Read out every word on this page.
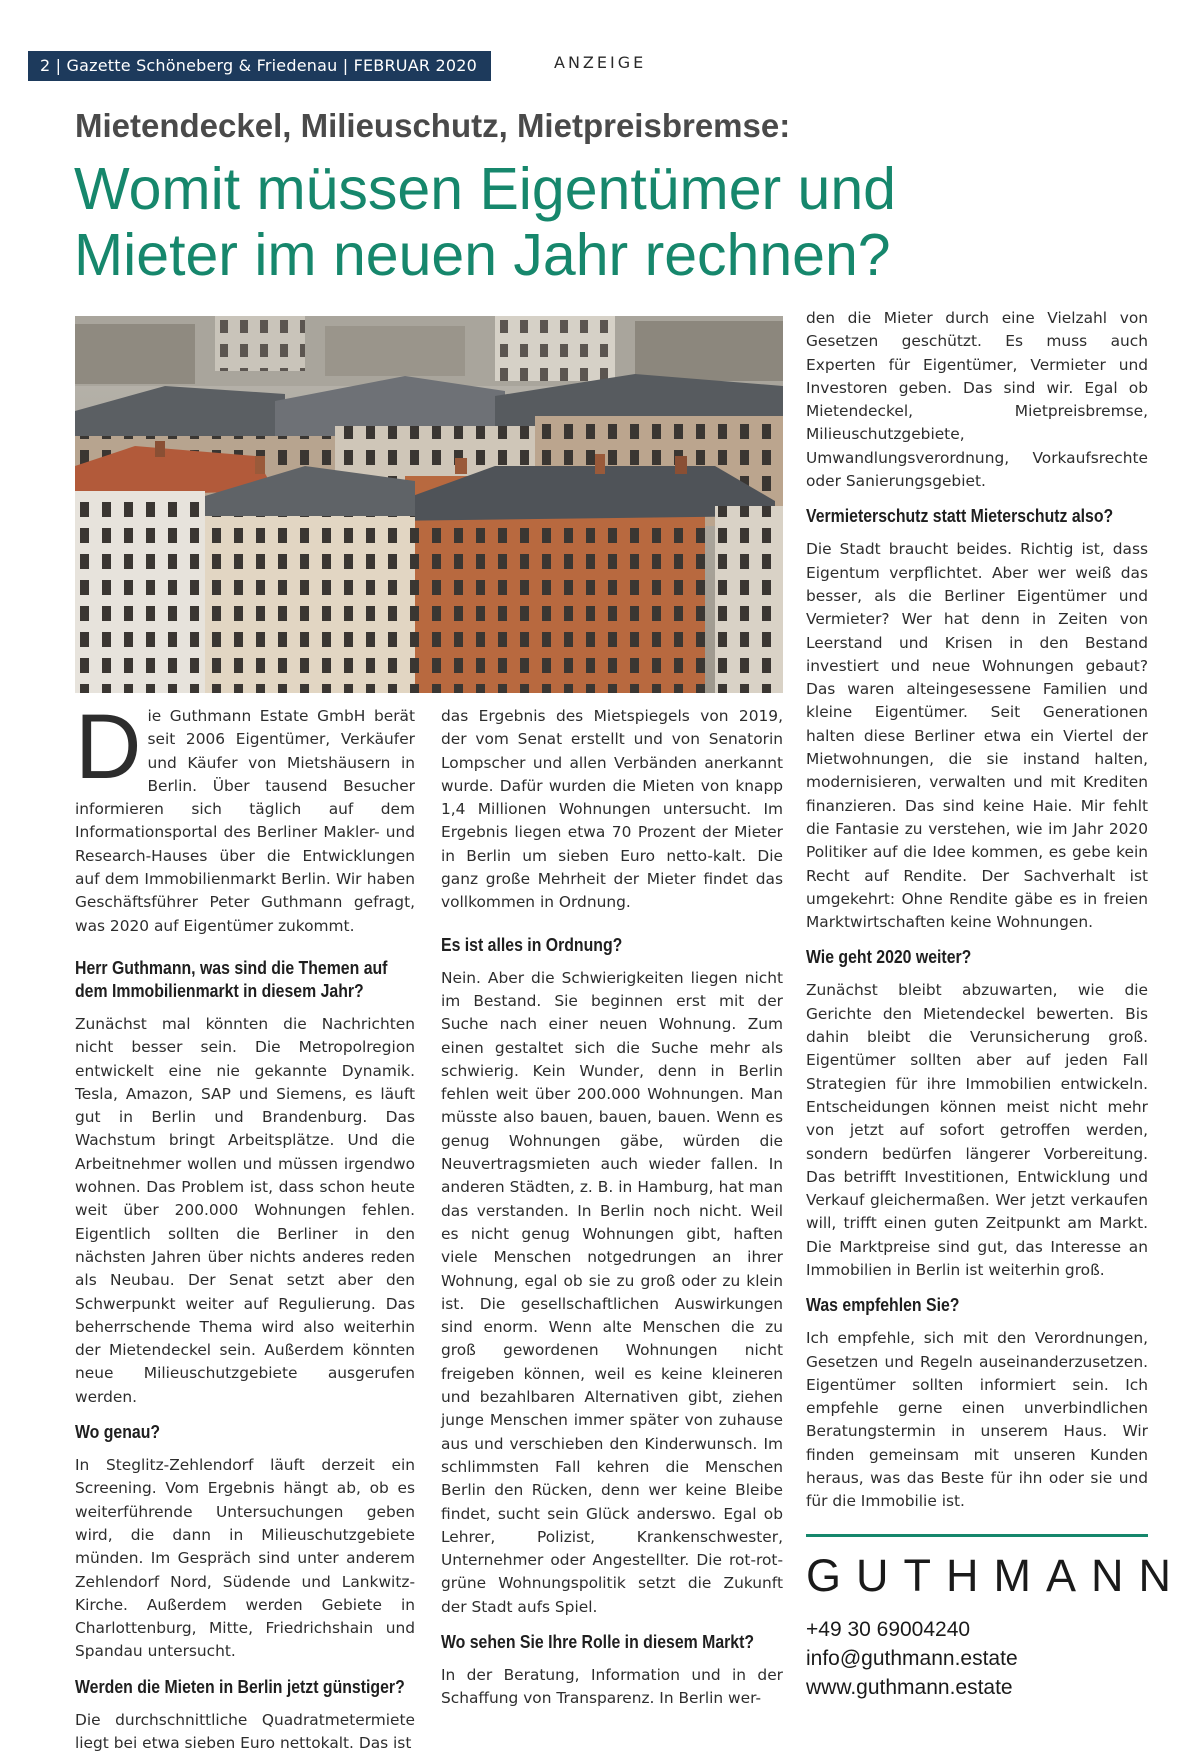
2 | Gazette Schöneberg & Friedenau | FEBRUAR 2020	ANZEIGE
Mietendeckel, Milieuschutz, Mietpreisbremse:
Womit müssen Eigentümer und
Mieter im neuen Jahr rechnen?

Die Guthmann Estate GmbH berät seit 2006 Eigentümer, Verkäufer und Käufer von Mietshäusern in Berlin. Über tausend Besucher informieren sich täglich auf dem Informationsportal des Berliner Makler- und Research-Hauses über die Entwicklungen auf dem Immobilienmarkt Berlin. Wir haben Geschäftsführer Peter Guthmann gefragt, was 2020 auf Eigentümer zukommt.

Herr Guthmann, was sind die Themen auf dem Immobilienmarkt in diesem Jahr?

Zunächst mal könnten die Nachrichten nicht besser sein. Die Metropolregion entwickelt eine nie gekannte Dynamik. Tesla, Amazon, SAP und Siemens, es läuft gut in Berlin und Brandenburg. Das Wachstum bringt Arbeitsplätze. Und die Arbeitnehmer wollen und müssen irgendwo wohnen. Das Problem ist, dass schon heute weit über 200.000 Wohnungen fehlen. Eigentlich sollten die Berliner in den nächsten Jahren über nichts anderes reden als Neubau. Der Senat setzt aber den Schwerpunkt weiter auf Regulierung. Das beherrschende Thema wird also weiterhin der Mietendeckel sein. Außerdem könnten neue Milieuschutzgebiete ausgerufen werden.

Wo genau?

In Steglitz-Zehlendorf läuft derzeit ein Screening. Vom Ergebnis hängt ab, ob es weiterführende Untersuchungen geben wird, die dann in Milieuschutzgebiete münden. Im Gespräch sind unter anderem Zehlendorf Nord, Südende und Lankwitz-Kirche. Außerdem werden Gebiete in Charlottenburg, Mitte, Friedrichshain und Spandau untersucht.

Werden die Mieten in Berlin jetzt günstiger?

Die durchschnittliche Quadratmetermiete liegt bei etwa sieben Euro nettokalt. Das ist

das Ergebnis des Mietspiegels von 2019, der vom Senat erstellt und von Senatorin Lompscher und allen Verbänden anerkannt wurde. Dafür wurden die Mieten von knapp 1,4 Millionen Wohnungen untersucht. Im Ergebnis liegen etwa 70 Prozent der Mieter in Berlin um sieben Euro netto-kalt. Die ganz große Mehrheit der Mieter findet das vollkommen in Ordnung.

Es ist alles in Ordnung?

Nein. Aber die Schwierigkeiten liegen nicht im Bestand. Sie beginnen erst mit der Suche nach einer neuen Wohnung. Zum einen gestaltet sich die Suche mehr als schwierig. Kein Wunder, denn in Berlin fehlen weit über 200.000 Wohnungen. Man müsste also bauen, bauen, bauen. Wenn es genug Wohnungen gäbe, würden die Neuvertragsmieten auch wieder fallen. In anderen Städten, z. B. in Hamburg, hat man das verstanden. In Berlin noch nicht. Weil es nicht genug Wohnungen gibt, haften viele Menschen notgedrungen an ihrer Wohnung, egal ob sie zu groß oder zu klein ist. Die gesellschaftlichen Auswirkungen sind enorm. Wenn alte Menschen die zu groß gewordenen Wohnungen nicht freigeben können, weil es keine kleineren und bezahlbaren Alternativen gibt, ziehen junge Menschen immer später von zuhause aus und verschieben den Kinderwunsch. Im schlimmsten Fall kehren die Menschen Berlin den Rücken, denn wer keine Bleibe findet, sucht sein Glück anderswo. Egal ob Lehrer, Polizist, Krankenschwester, Unternehmer oder Angestellter. Die rot-rot-grüne Wohnungspolitik setzt die Zukunft der Stadt aufs Spiel.

Wo sehen Sie Ihre Rolle in diesem Markt?

In der Beratung, Information und in der Schaffung von Transparenz. In Berlin wer-

den die Mieter durch eine Vielzahl von Gesetzen geschützt. Es muss auch Experten für Eigentümer, Vermieter und Investoren geben. Das sind wir. Egal ob Mietendeckel, Mietpreisbremse, Milieuschutzgebiete, Umwandlungsverordnung, Vorkaufsrechte oder Sanierungsgebiet.

Vermieterschutz statt Mieterschutz also?

Die Stadt braucht beides. Richtig ist, dass Eigentum verpflichtet. Aber wer weiß das besser, als die Berliner Eigentümer und Vermieter? Wer hat denn in Zeiten von Leerstand und Krisen in den Bestand investiert und neue Wohnungen gebaut? Das waren alteingesessene Familien und kleine Eigentümer. Seit Generationen halten diese Berliner etwa ein Viertel der Mietwohnungen, die sie instand halten, modernisieren, verwalten und mit Krediten finanzieren. Das sind keine Haie. Mir fehlt die Fantasie zu verstehen, wie im Jahr 2020 Politiker auf die Idee kommen, es gebe kein Recht auf Rendite. Der Sachverhalt ist umgekehrt: Ohne Rendite gäbe es in freien Marktwirtschaften keine Wohnungen.

Wie geht 2020 weiter?

Zunächst bleibt abzuwarten, wie die Gerichte den Mietendeckel bewerten. Bis dahin bleibt die Verunsicherung groß. Eigentümer sollten aber auf jeden Fall Strategien für ihre Immobilien entwickeln. Entscheidungen können meist nicht mehr von jetzt auf sofort getroffen werden, sondern bedürfen längerer Vorbereitung. Das betrifft Investitionen, Entwicklung und Verkauf gleichermaßen. Wer jetzt verkaufen will, trifft einen guten Zeitpunkt am Markt. Die Marktpreise sind gut, das Interesse an Immobilien in Berlin ist weiterhin groß.

Was empfehlen Sie?

Ich empfehle, sich mit den Verordnungen, Gesetzen und Regeln auseinanderzusetzen. Eigentümer sollten informiert sein. Ich empfehle gerne einen unverbindlichen Beratungstermin in unserem Haus. Wir finden gemeinsam mit unseren Kunden heraus, was das Beste für ihn oder sie und für die Immobilie ist.

GUTHMANN
+49 30 69004240
info@guthmann.estate
www.guthmann.estate
